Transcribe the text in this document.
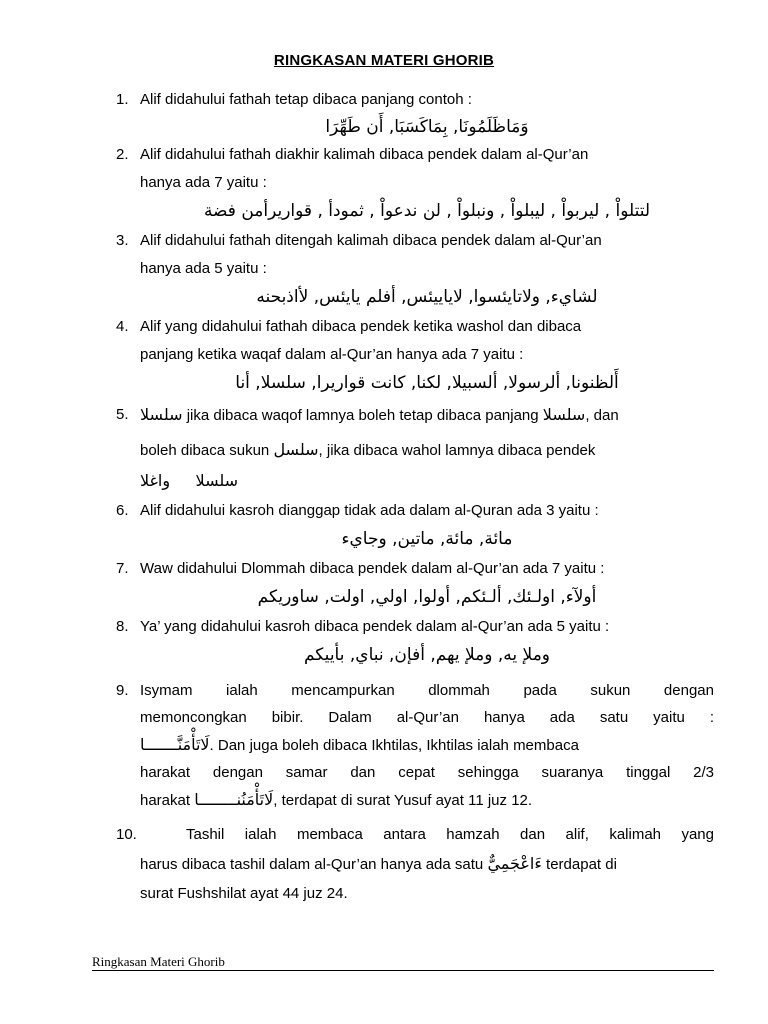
RINGKASAN MATERI GHORIB
1. Alif didahului fathah tetap dibaca panjang contoh :
وَمَاظَلَمُونَا, بِمَاكَسَبَا, أَن طَهِّرَا
2. Alif didahului fathah diakhir kalimah dibaca pendek dalam al-Qur’an
hanya ada 7 yaitu :
لتتلواْ , ليربواْ , ليبلواْ , ونبلواْ , لن ندعواْ , ثمودأ , قواريرأمن فضة
3. Alif didahului fathah ditengah kalimah dibaca pendek dalam al-Qur’an
hanya ada 5 yaitu :
لشايء, ولاتايئسوا, لاياييئس, أفلم يايئس, لأاذبحنه
4. Alif yang didahului fathah dibaca pendek ketika washol dan dibaca
panjang ketika waqaf dalam al-Qur’an hanya ada 7 yaitu :
أَلظنونا, ألرسولا, ألسبيلا, لكنا, كانت قواريرا, سلسلا, أنا
5. سلسلا jika dibaca waqof lamnya boleh tetap dibaca panjang سلسلا, dan
boleh dibaca sukun سلسل, jika dibaca wahol lamnya dibaca pendek
سلسلا     واغلا
6. Alif didahului kasroh dianggap tidak ada dalam al-Quran ada 3 yaitu :
مائة, مائة, ماتين, وجايء
7. Waw didahului Dlommah dibaca pendek dalam al-Qur’an ada 7 yaitu :
أولآء, اولـئك, ألـئكم, أولوا, اولي, اولت, ساوريكم
8. Ya’ yang didahului kasroh dibaca pendek dalam al-Qur’an ada 5 yaitu :
وملإ يه, وملإ يهم, أفإن, نباي, بأييكم
9. Isymam ialah mencampurkan dlommah pada sukun dengan
memoncongkan bibir. Dalam al-Qur’an hanya ada satu yaitu :
لَاتَأْمَنَّـــــــا. Dan juga boleh dibaca Ikhtilas, Ikhtilas ialah membaca
harakat dengan samar dan cepat sehingga suaranya tinggal 2/3
harakat لَاتَأْمَنُنــــــــا, terdapat di surat Yusuf ayat 11 juz 12.
10.	Tashil ialah membaca antara hamzah dan alif, kalimah yang
harus dibaca tashil dalam al-Qur’an hanya ada satu ءَاعْجَمِيٌّ terdapat di
surat Fushshilat ayat 44 juz 24.
Ringkasan Materi Ghorib
